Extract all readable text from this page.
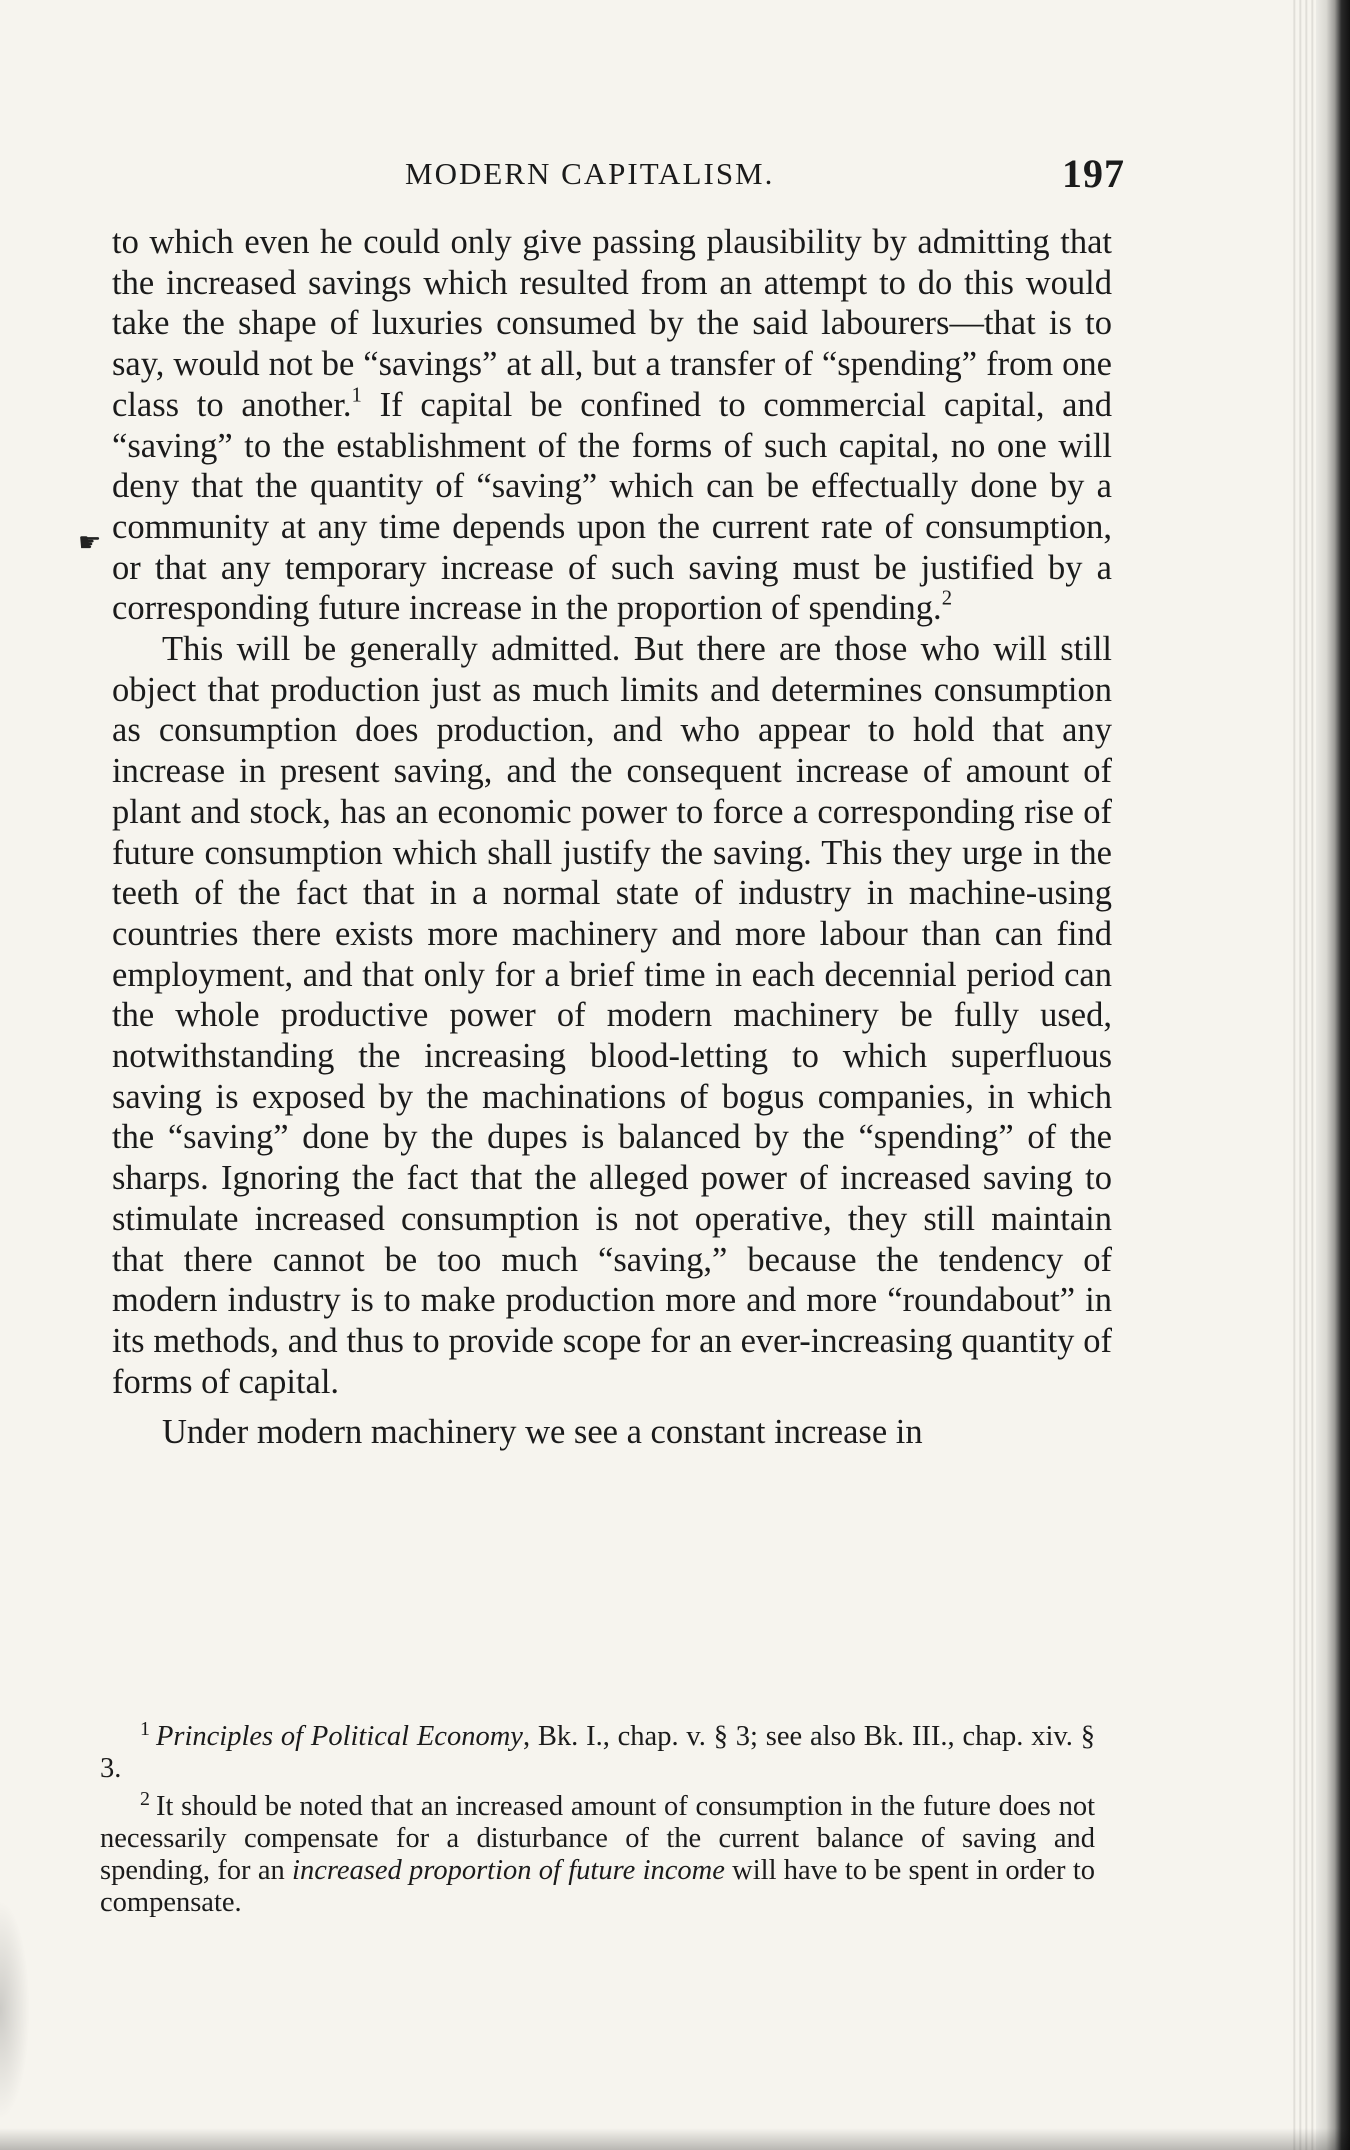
MODERN CAPITALISM.	197
☛

to which even he could only give passing plausibility by admitting that the increased savings which resulted from an attempt to do this would take the shape of luxuries consumed by the said labourers—that is to say, would not be “savings” at all, but a transfer of “spending” from one class to another.$^1$ If capital be confined to commercial capital, and “saving” to the establishment of the forms of such capital, no one will deny that the quantity of “saving” which can be effectually done by a community at any time depends upon the current rate of consumption, or that any temporary increase of such saving must be justified by a corresponding future increase in the proportion of spending.$^2$

This will be generally admitted. But there are those who will still object that production just as much limits and determines consumption as consumption does production, and who appear to hold that any increase in present saving, and the consequent increase of amount of plant and stock, has an economic power to force a corresponding rise of future consumption which shall justify the saving. This they urge in the teeth of the fact that in a normal state of industry in machine-using countries there exists more machinery and more labour than can find employment, and that only for a brief time in each decennial period can the whole productive power of modern machinery be fully used, notwithstanding the increasing blood-letting to which superfluous saving is exposed by the machinations of bogus companies, in which the “saving” done by the dupes is balanced by the “spending” of the sharps. Ignoring the fact that the alleged power of increased saving to stimulate increased consumption is not operative, they still maintain that there cannot be too much “saving,” because the tendency of modern industry is to make production more and more “roundabout” in its methods, and thus to provide scope for an ever-increasing quantity of forms of capital.

Under modern machinery we see a constant increase in

$^1$ Principles of Political Economy, Bk. I., chap. v. § 3; see also Bk. III., chap. xiv. § 3.

$^2$ It should be noted that an increased amount of consumption in the future does not necessarily compensate for a disturbance of the current balance of saving and spending, for an increased proportion of future income will have to be spent in order to compensate.
